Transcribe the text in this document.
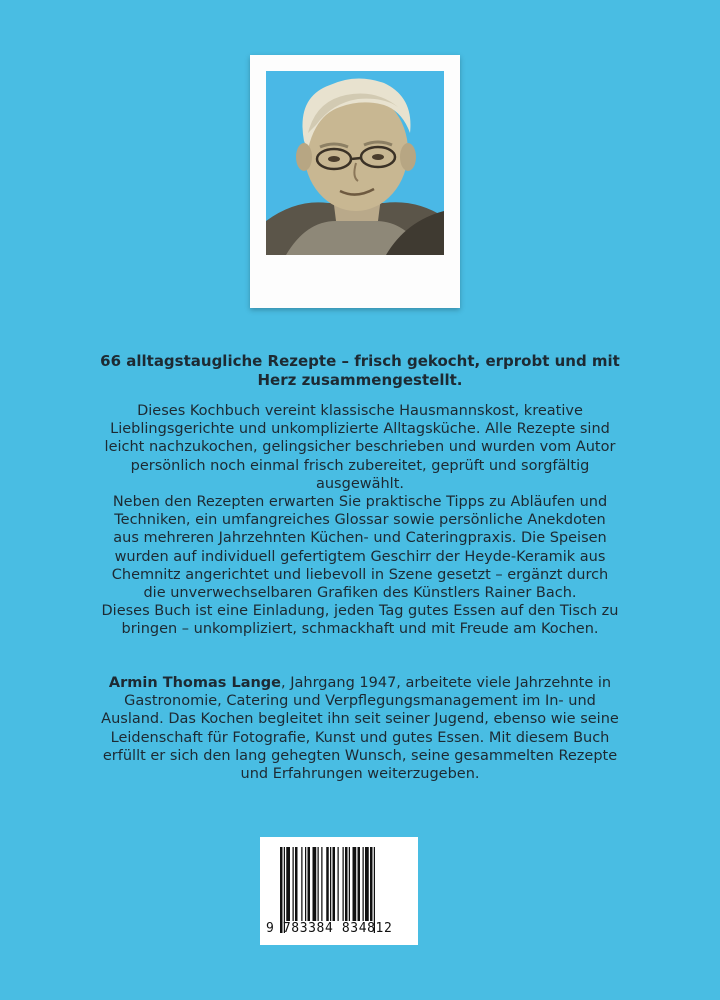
66 alltagstaugliche Rezepte – frisch gekocht, erprobt und mit Herz zusammengestellt.

Dieses Kochbuch vereint klassische Hausmannskost, kreative Lieblingsgerichte und unkomplizierte Alltagsküche. Alle Rezepte sind leicht nachzukochen, gelingsicher beschrieben und wurden vom Autor persönlich noch einmal frisch zubereitet, geprüft und sorgfältig ausgewählt.

Neben den Rezepten erwarten Sie praktische Tipps zu Abläufen und Techniken, ein umfangreiches Glossar sowie persönliche Anekdoten aus mehreren Jahrzehnten Küchen- und Cateringpraxis. Die Speisen wurden auf individuell gefertigtem Geschirr der Heyde-Keramik aus Chemnitz angerichtet und liebevoll in Szene gesetzt – ergänzt durch die unverwechselbaren Grafiken des Künstlers Rainer Bach.

Dieses Buch ist eine Einladung, jeden Tag gutes Essen auf den Tisch zu bringen – unkompliziert, schmackhaft und mit Freude am Kochen.

Armin Thomas Lange, Jahrgang 1947, arbeitete viele Jahrzehnte in Gastronomie, Catering und Verpflegungsmanagement im In- und Ausland. Das Kochen begleitet ihn seit seiner Jugend, ebenso wie seine Leidenschaft für Fotografie, Kunst und gutes Essen. Mit diesem Buch erfüllt er sich den lang gehegten Wunsch, seine gesammelten Rezepte und Erfahrungen weiterzugeben.
9 783384 834812
